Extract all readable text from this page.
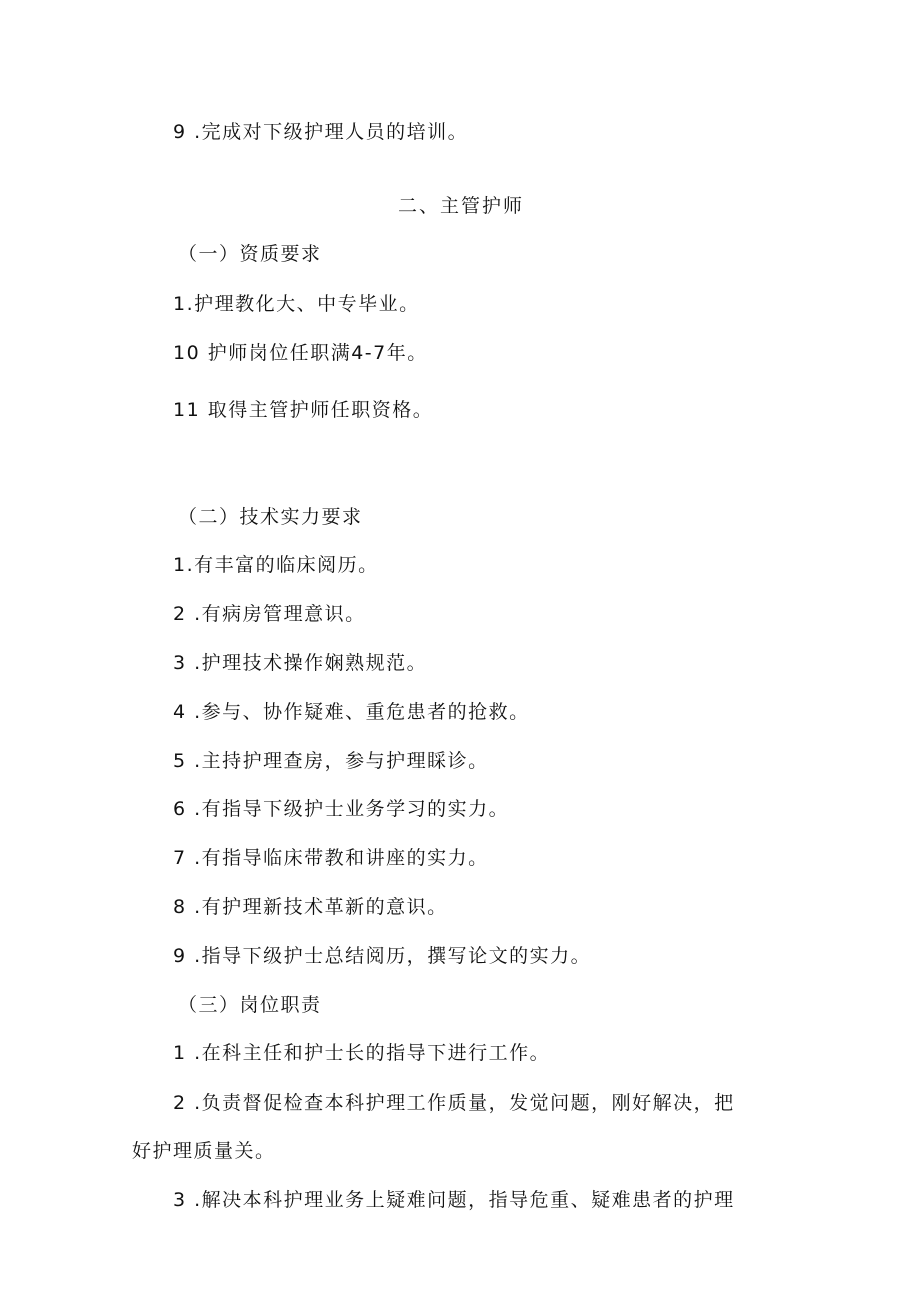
9 .完成对下级护理人员的培训。
二、主管护师
（一）资质要求
1.护理教化大、中专毕业。
10 护师岗位任职满4-7年。
11 取得主管护师任职资格。
（二）技术实力要求
1.有丰富的临床阅历。
2 .有病房管理意识。
3 .护理技术操作娴熟规范。
4 .参与、协作疑难、重危患者的抢救。
5 .主持护理查房，参与护理睬诊。
6 .有指导下级护士业务学习的实力。
7 .有指导临床带教和讲座的实力。
8 .有护理新技术革新的意识。
9 .指导下级护士总结阅历，撰写论文的实力。
（三）岗位职责
1 .在科主任和护士长的指导下进行工作。
2 .负责督促检查本科护理工作质量，发觉问题，刚好解决，把
好护理质量关。
3 .解决本科护理业务上疑难问题，指导危重、疑难患者的护理
